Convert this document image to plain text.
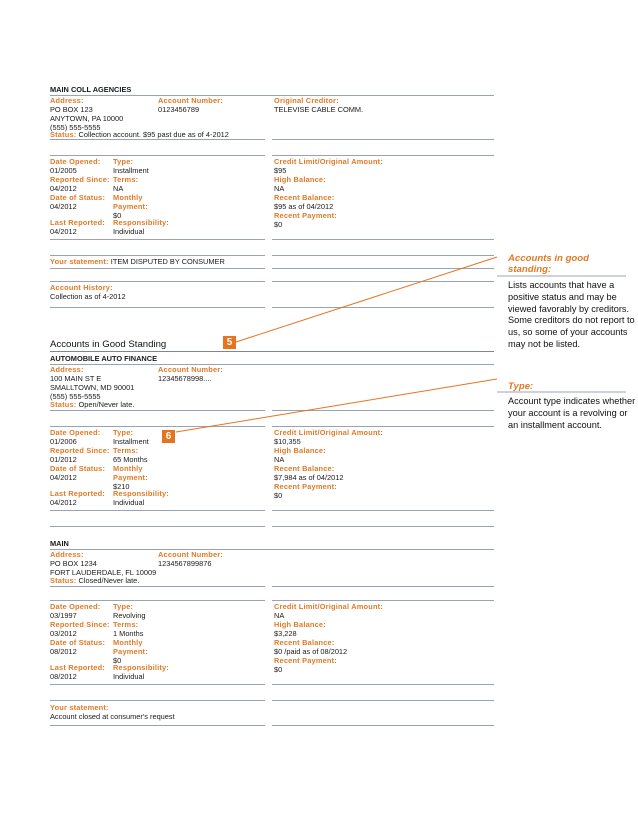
MAIN COLL AGENCIES
Address:
PO BOX 123
ANYTOWN, PA 10000
(555) 555-5555
Account Number:
0123456789
Original Creditor:
TELEVISE CABLE COMM.
Status: Collection account. $95 past due as of 4-2012
Date Opened:
01/2005
Reported Since:
04/2012
Date of Status:
04/2012
Last Reported:
04/2012
Type:
Installment
Terms:
NA
Monthly
Payment:
$0
Responsibility:
Individual
Credit Limit/Original Amount:
$95
High Balance:
NA
Recent Balance:
$95 as of 04/2012
Recent Payment:
$0
Your statement: ITEM DISPUTED BY CONSUMER
Account History:
Collection as of 4-2012
Accounts in Good Standing	5
AUTOMOBILE AUTO FINANCE
Address:
100 MAIN ST E
SMALLTOWN, MD 90001
(555) 555-5555
Account Number:
12345678998....
Status: Open/Never late.
Date Opened:
01/2006
Reported Since:
01/2012
Date of Status:
04/2012
Last Reported:
04/2012
Type:
Installment
Terms:
65 Months
Monthly
Payment:
$210
Responsibility:
Individual
6	Credit Limit/Original Amount:
$10,355
High Balance:
NA
Recent Balance:
$7,984 as of 04/2012
Recent Payment:
$0
MAIN
Address:
PO BOX 1234
FORT LAUDERDALE, FL 10009
Account Number:
1234567899876
Status: Closed/Never late.
Date Opened:
03/1997
Reported Since:
03/2012
Date of Status:
08/2012
Last Reported:
08/2012
Type:
Revolving
Terms:
1 Months
Monthly
Payment:
$0
Responsibility:
Individual
Credit Limit/Original Amount:
NA
High Balance:
$3,228
Recent Balance:
$0 /paid as of 08/2012
Recent Payment:
$0
Your statement:
Account closed at consumer's request
Accounts in good
standing:
Lists accounts that have a positive status and may be viewed favorably by creditors. Some creditors do not report to us, so some of your accounts may not be listed.
Type:
Account type indicates whether your account is a revolving or an installment account.
